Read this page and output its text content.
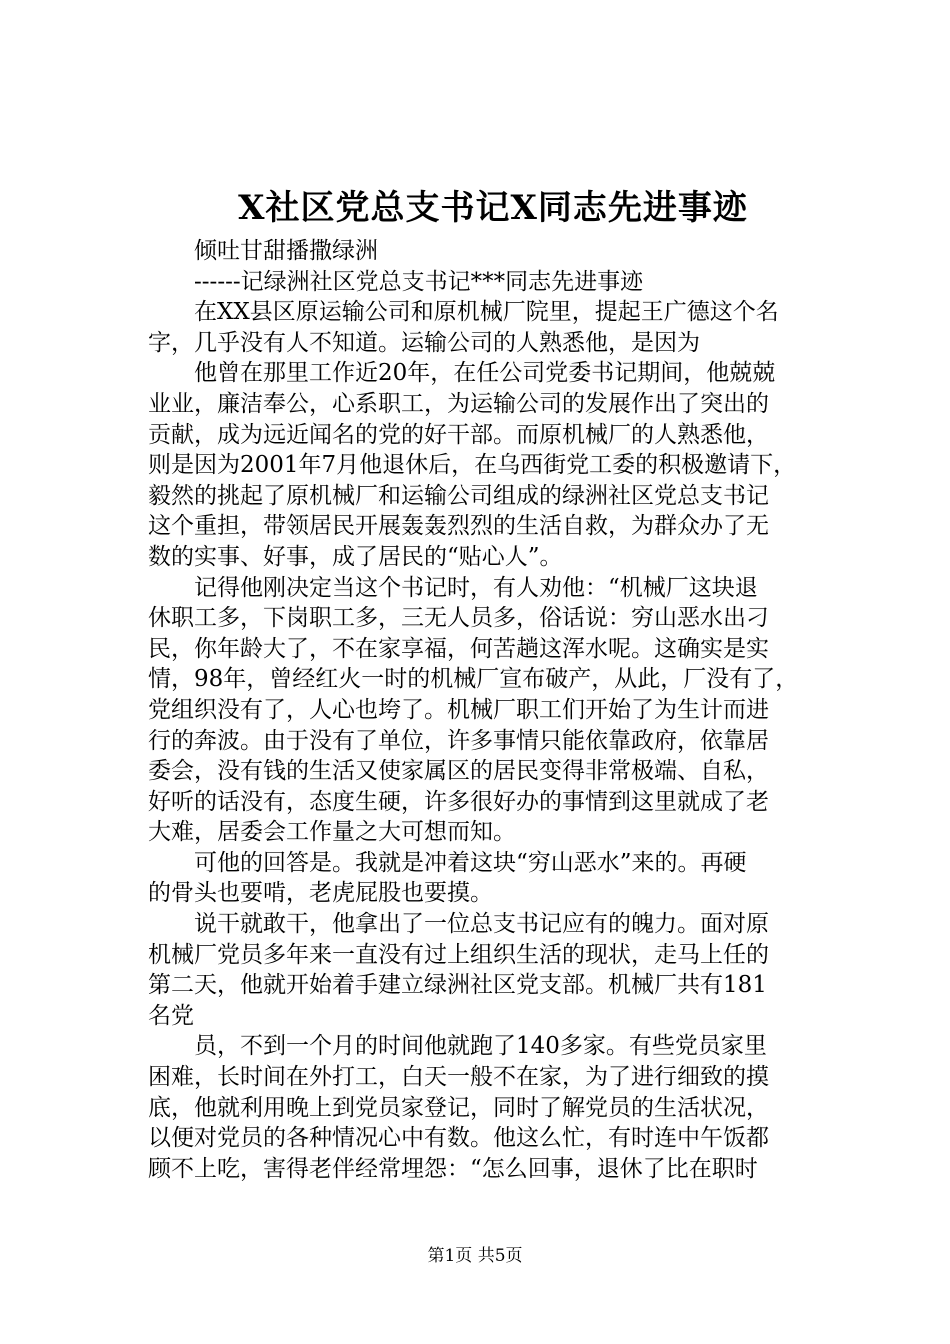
X社区党总支书记X同志先进事迹

　　倾吐甘甜播撒绿洲

　　------记绿洲社区党总支书记***同志先进事迹

　　在XX县区原运输公司和原机械厂院里，提起王广德这个名

字，几乎没有人不知道。运输公司的人熟悉他，是因为

　　他曾在那里工作近20年，在任公司党委书记期间，他兢兢

业业，廉洁奉公，心系职工，为运输公司的发展作出了突出的

贡献，成为远近闻名的党的好干部。而原机械厂的人熟悉他，

则是因为2001年7月他退休后，在乌西街党工委的积极邀请下，

毅然的挑起了原机械厂和运输公司组成的绿洲社区党总支书记

这个重担，带领居民开展轰轰烈烈的生活自救，为群众办了无

数的实事、好事，成了居民的“贴心人”。

　　记得他刚决定当这个书记时，有人劝他：“机械厂这块退

休职工多，下岗职工多，三无人员多，俗话说：穷山恶水出刁

民，你年龄大了，不在家享福，何苦趟这浑水呢。这确实是实

情，98年，曾经红火一时的机械厂宣布破产，从此，厂没有了，

党组织没有了，人心也垮了。机械厂职工们开始了为生计而进

行的奔波。由于没有了单位，许多事情只能依靠政府，依靠居

委会，没有钱的生活又使家属区的居民变得非常极端、自私，

好听的话没有，态度生硬，许多很好办的事情到这里就成了老

大难，居委会工作量之大可想而知。

　　可他的回答是。我就是冲着这块“穷山恶水”来的。再硬

的骨头也要啃，老虎屁股也要摸。

　　说干就敢干，他拿出了一位总支书记应有的魄力。面对原

机械厂党员多年来一直没有过上组织生活的现状，走马上任的

第二天，他就开始着手建立绿洲社区党支部。机械厂共有181

名党

　　员，不到一个月的时间他就跑了140多家。有些党员家里

困难，长时间在外打工，白天一般不在家，为了进行细致的摸

底，他就利用晚上到党员家登记，同时了解党员的生活状况，

以便对党员的各种情况心中有数。他这么忙，有时连中午饭都

顾不上吃，害得老伴经常埋怨：“怎么回事，退休了比在职时

第1页 共5页
